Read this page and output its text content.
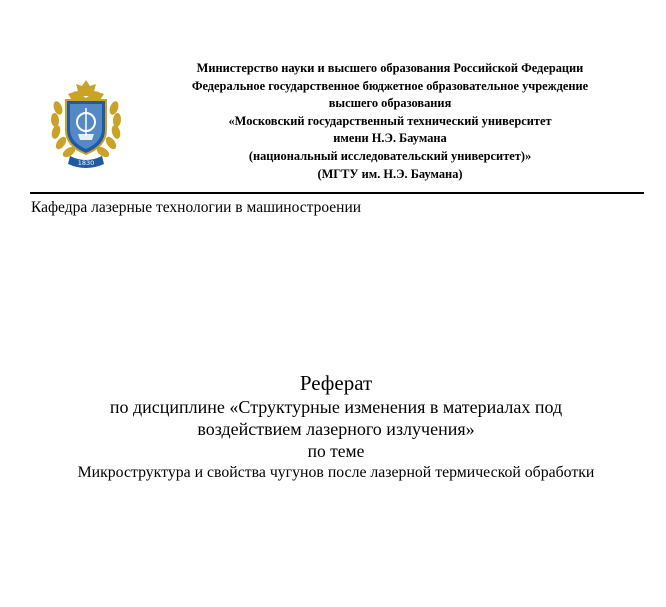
1830
Министерство науки и высшего образования Российской Федерации
Федеральное государственное бюджетное образовательное учреждение
высшего образования
«Московский государственный технический университет
имени Н.Э. Баумана
(национальный исследовательский университет)»
(МГТУ им. Н.Э. Баумана)
Кафедра лазерные технологии в машиностроении
Реферат
по дисциплине «Структурные изменения в материалах под
воздействием лазерного излучения»
по теме
Микроструктура и свойства чугунов после лазерной термической обработки
